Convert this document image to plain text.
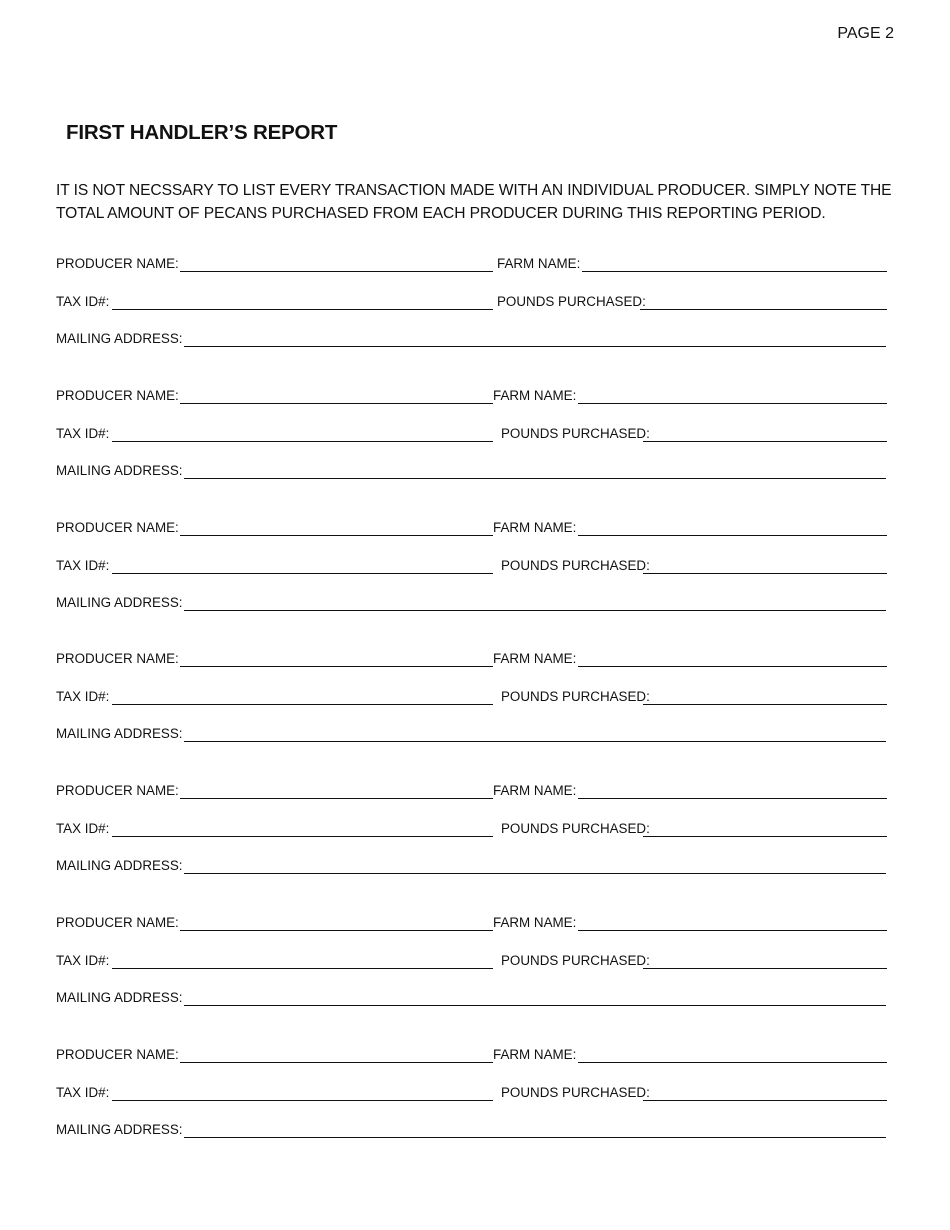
PAGE 2
FIRST HANDLER’S REPORT
IT IS NOT NECSSARY TO LIST EVERY TRANSACTION MADE WITH AN INDIVIDUAL PRODUCER. SIMPLY NOTE THE TOTAL AMOUNT OF PECANS PURCHASED FROM EACH PRODUCER DURING THIS REPORTING PERIOD.
PRODUCER NAME:	FARM NAME:
TAX ID#:	POUNDS PURCHASED:
MAILING ADDRESS:
PRODUCER NAME:	FARM NAME:
TAX ID#:	POUNDS PURCHASED:
MAILING ADDRESS:
PRODUCER NAME:	FARM NAME:
TAX ID#:	POUNDS PURCHASED:
MAILING ADDRESS:
PRODUCER NAME:	FARM NAME:
TAX ID#:	POUNDS PURCHASED:
MAILING ADDRESS:
PRODUCER NAME:	FARM NAME:
TAX ID#:	POUNDS PURCHASED:
MAILING ADDRESS:
PRODUCER NAME:	FARM NAME:
TAX ID#:	POUNDS PURCHASED:
MAILING ADDRESS:
PRODUCER NAME:	FARM NAME:
TAX ID#:	POUNDS PURCHASED:
MAILING ADDRESS:
